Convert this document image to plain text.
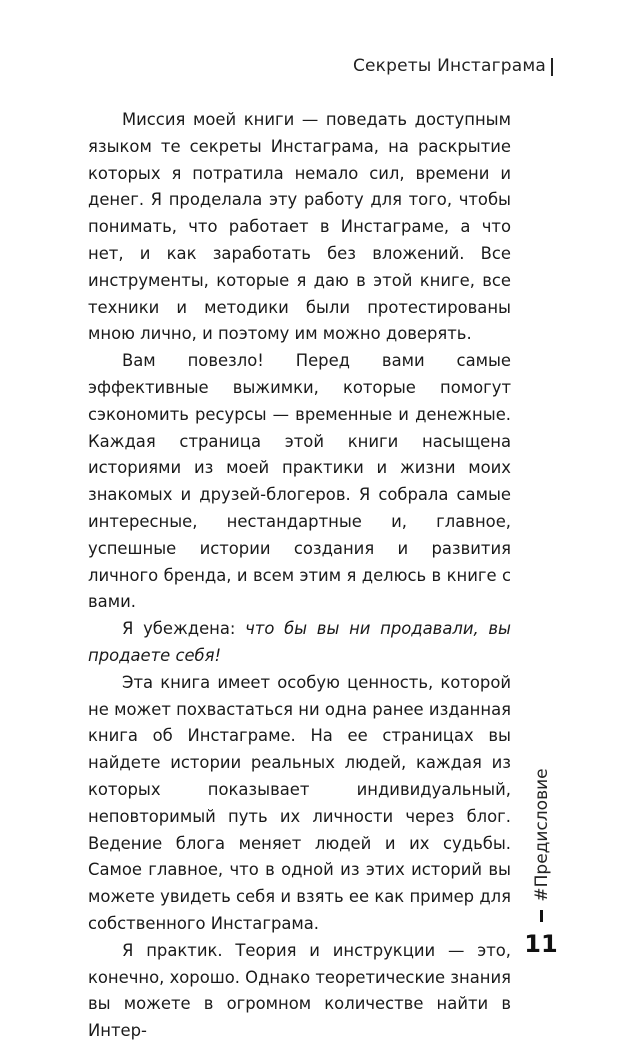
Секреты Инстаграма

Миссия моей книги — поведать доступным языком те секреты Инстаграма, на раскрытие которых я потратила немало сил, времени и денег. Я проделала эту работу для того, чтобы понимать, что работает в Инстаграме, а что нет, и как заработать без вложений. Все инструменты, которые я даю в этой книге, все техники и методики были протестированы мною лично, и поэтому им можно доверять.

Вам повезло! Перед вами самые эффективные выжимки, которые помогут сэкономить ресурсы — временные и денежные. Каждая страница этой книги насыщена историями из моей практики и жизни моих знакомых и друзей-блогеров. Я собрала самые интересные, нестандартные и, главное, успешные истории создания и развития личного бренда, и всем этим я делюсь в книге с вами.

Я убеждена: что бы вы ни продавали, вы продаете себя!

Эта книга имеет особую ценность, которой не может похвастаться ни одна ранее изданная книга об Инстаграме. На ее страницах вы найдете истории реальных людей, каждая из которых показывает индивидуальный, неповторимый путь их личности через блог. Ведение блога меняет людей и их судьбы. Самое главное, что в одной из этих историй вы можете увидеть себя и взять ее как пример для собственного Инстаграма.

Я практик. Теория и инструкции — это, конечно, хорошо. Однако теоретические знания вы можете в огромном количестве найти в Интер-

#Предисловие
11
